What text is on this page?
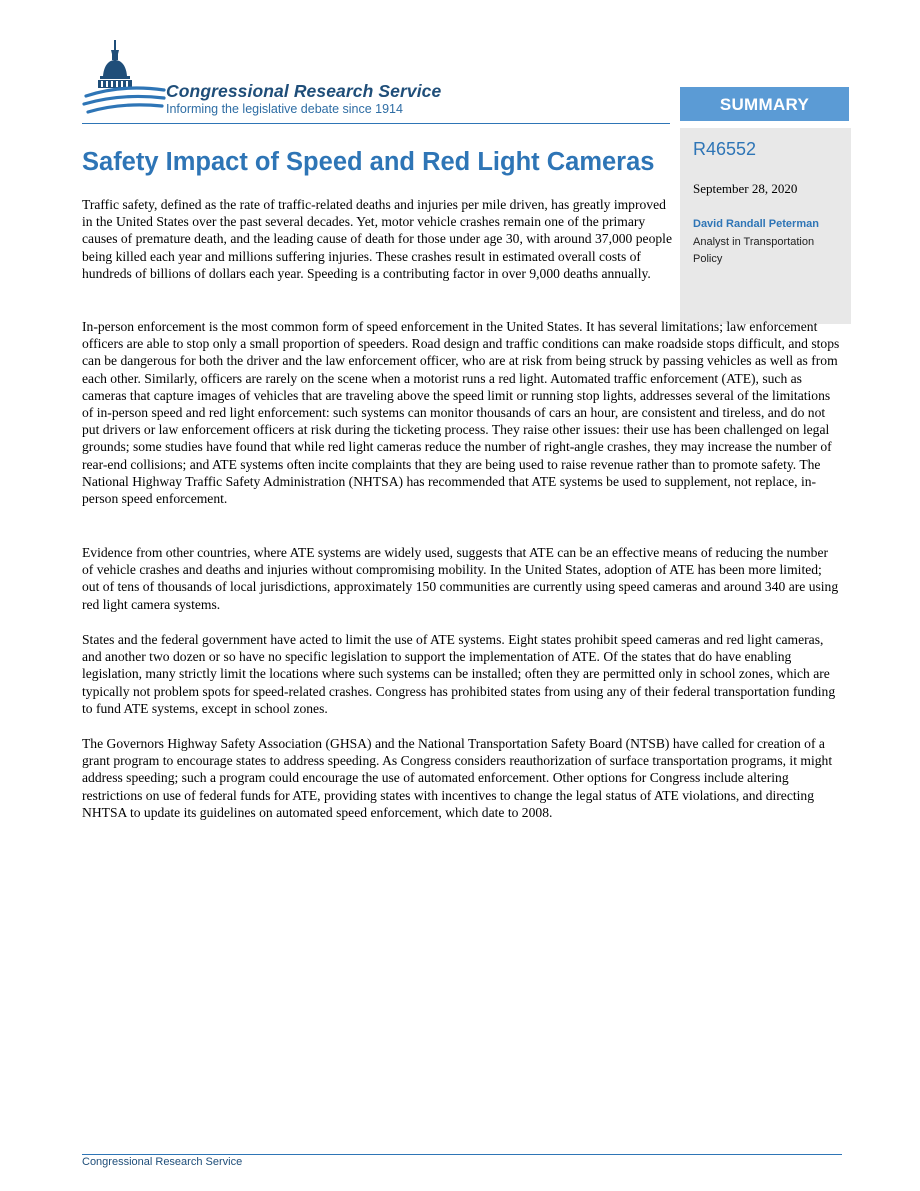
Congressional Research Service
Informing the legislative debate since 1914	SUMMARY
R46552
September 28, 2020
David Randall Peterman
Analyst in Transportation Policy
Safety Impact of Speed and Red Light Cameras

Traffic safety, defined as the rate of traffic-related deaths and injuries per mile driven, has greatly improved in the United States over the past several decades. Yet, motor vehicle crashes remain one of the primary causes of premature death, and the leading cause of death for those under age 30, with around 37,000 people being killed each year and millions suffering injuries. These crashes result in estimated overall costs of hundreds of billions of dollars each year. Speeding is a contributing factor in over 9,000 deaths annually.

In-person enforcement is the most common form of speed enforcement in the United States. It has several limitations; law enforcement officers are able to stop only a small proportion of speeders. Road design and traffic conditions can make roadside stops difficult, and stops can be dangerous for both the driver and the law enforcement officer, who are at risk from being struck by passing vehicles as well as from each other. Similarly, officers are rarely on the scene when a motorist runs a red light. Automated traffic enforcement (ATE), such as cameras that capture images of vehicles that are traveling above the speed limit or running stop lights, addresses several of the limitations of in-person speed and red light enforcement: such systems can monitor thousands of cars an hour, are consistent and tireless, and do not put drivers or law enforcement officers at risk during the ticketing process. They raise other issues: their use has been challenged on legal grounds; some studies have found that while red light cameras reduce the number of right-angle crashes, they may increase the number of rear-end collisions; and ATE systems often incite complaints that they are being used to raise revenue rather than to promote safety. The National Highway Traffic Safety Administration (NHTSA) has recommended that ATE systems be used to supplement, not replace, in-person speed enforcement.

Evidence from other countries, where ATE systems are widely used, suggests that ATE can be an effective means of reducing the number of vehicle crashes and deaths and injuries without compromising mobility. In the United States, adoption of ATE has been more limited; out of tens of thousands of local jurisdictions, approximately 150 communities are currently using speed cameras and around 340 are using red light camera systems.

States and the federal government have acted to limit the use of ATE systems. Eight states prohibit speed cameras and red light cameras, and another two dozen or so have no specific legislation to support the implementation of ATE. Of the states that do have enabling legislation, many strictly limit the locations where such systems can be installed; often they are permitted only in school zones, which are typically not problem spots for speed-related crashes. Congress has prohibited states from using any of their federal transportation funding to fund ATE systems, except in school zones.

The Governors Highway Safety Association (GHSA) and the National Transportation Safety Board (NTSB) have called for creation of a grant program to encourage states to address speeding. As Congress considers reauthorization of surface transportation programs, it might address speeding; such a program could encourage the use of automated enforcement. Other options for Congress include altering restrictions on use of federal funds for ATE, providing states with incentives to change the legal status of ATE violations, and directing NHTSA to update its guidelines on automated speed enforcement, which date to 2008.

Congressional Research Service
